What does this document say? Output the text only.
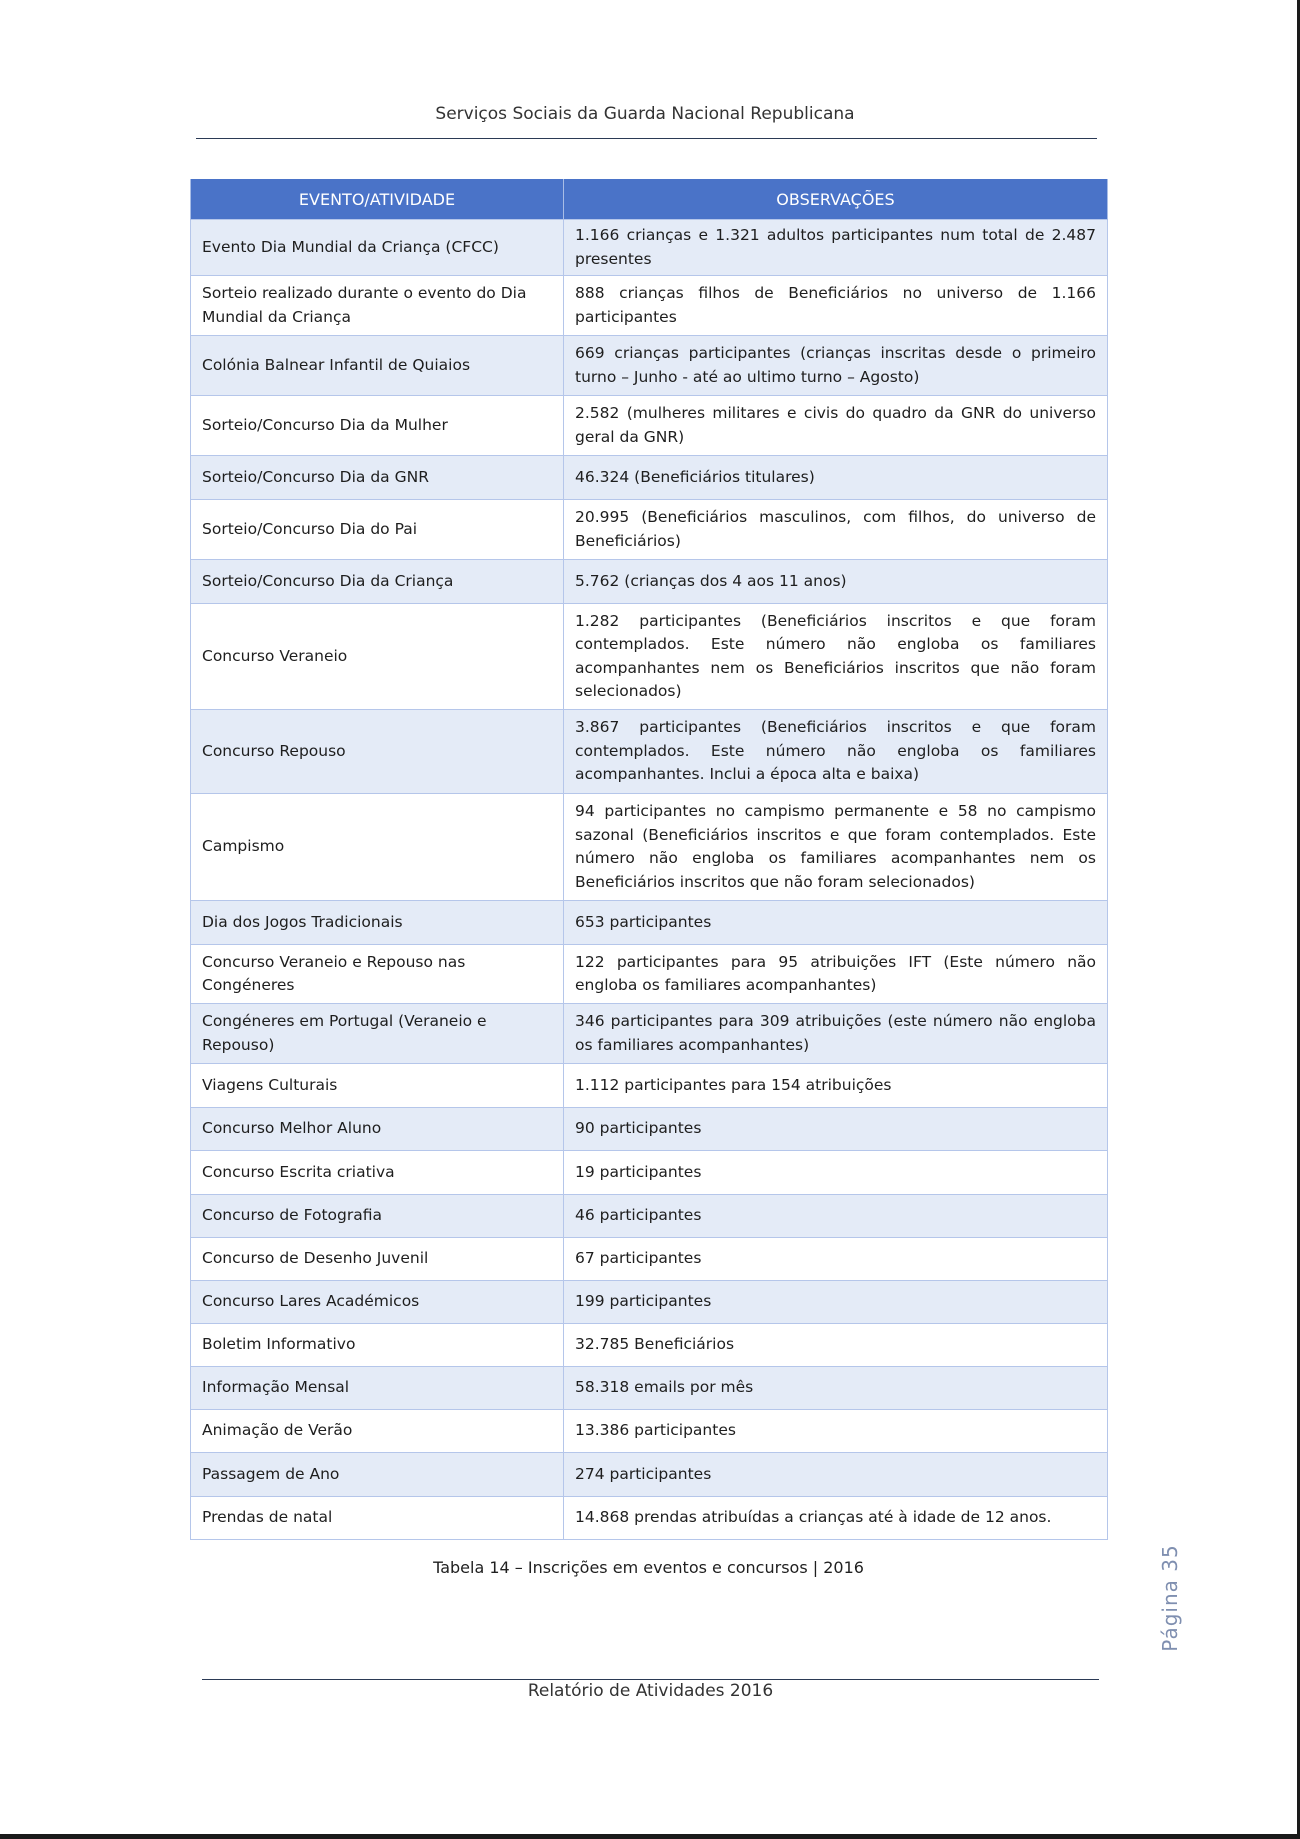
Serviços Sociais da Guarda Nacional Republicana
EVENTO/ATIVIDADE	OBSERVAÇÕES
Evento Dia Mundial da Criança (CFCC)	1.166 crianças e 1.321 adultos participantes num total de 2.487 presentes
Sorteio realizado durante o evento do Dia Mundial da Criança	888 crianças filhos de Beneficiários no universo de 1.166 participantes
Colónia Balnear Infantil de Quiaios	669 crianças participantes (crianças inscritas desde o primeiro turno – Junho - até ao ultimo turno – Agosto)
Sorteio/Concurso Dia da Mulher	2.582 (mulheres militares e civis do quadro da GNR do universo geral da GNR)
Sorteio/Concurso Dia da GNR	46.324 (Beneficiários titulares)
Sorteio/Concurso Dia do Pai	20.995 (Beneficiários masculinos, com filhos, do universo de Beneficiários)
Sorteio/Concurso Dia da Criança	5.762 (crianças dos 4 aos 11 anos)
Concurso Veraneio	1.282 participantes (Beneficiários inscritos e que foram contemplados. Este número não engloba os familiares acompanhantes nem os Beneficiários inscritos que não foram selecionados)
Concurso Repouso	3.867 participantes (Beneficiários inscritos e que foram contemplados. Este número não engloba os familiares acompanhantes. Inclui a época alta e baixa)
Campismo	94 participantes no campismo permanente e 58 no campismo sazonal (Beneficiários inscritos e que foram contemplados. Este número não engloba os familiares acompanhantes nem os Beneficiários inscritos que não foram selecionados)
Dia dos Jogos Tradicionais	653 participantes
Concurso Veraneio e Repouso nas Congéneres	122 participantes para 95 atribuições IFT (Este número não engloba os familiares acompanhantes)
Congéneres em Portugal (Veraneio e Repouso)	346 participantes para 309 atribuições (este número não engloba os familiares acompanhantes)
Viagens Culturais	1.112 participantes para 154 atribuições
Concurso Melhor Aluno	90 participantes
Concurso Escrita criativa	19 participantes
Concurso de Fotografia	46 participantes
Concurso de Desenho Juvenil	67 participantes
Concurso Lares Académicos	199 participantes
Boletim Informativo	32.785 Beneficiários
Informação Mensal	58.318 emails por mês
Animação de Verão	13.386 participantes
Passagem de Ano	274 participantes
Prendas de natal	14.868 prendas atribuídas a crianças até à idade de 12 anos.
Tabela 14 – Inscrições em eventos e concursos | 2016	Página 35
Relatório de Atividades 2016
